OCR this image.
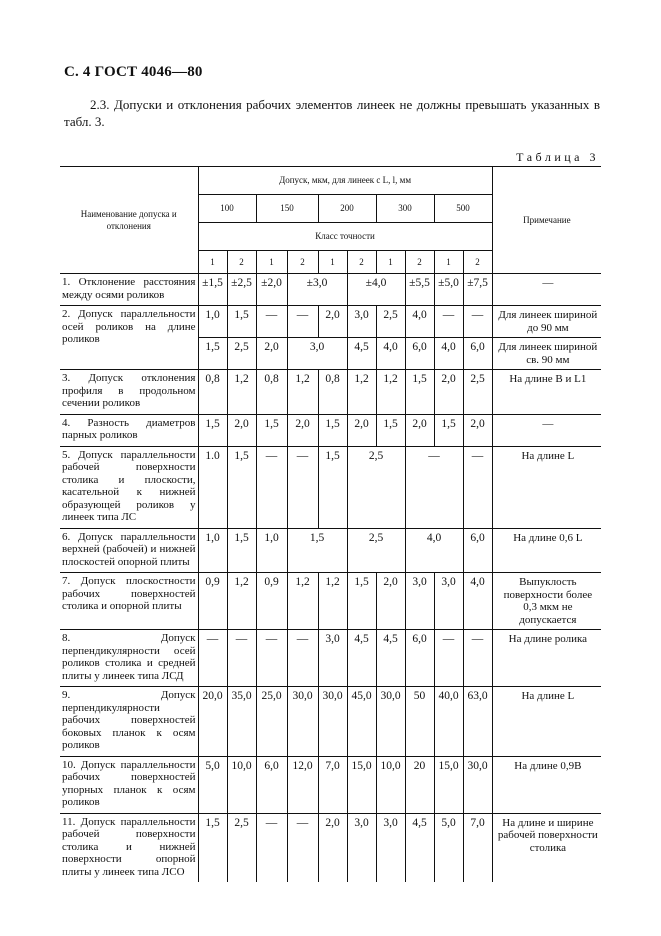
С. 4 ГОСТ 4046—80
2.3. Допуски и отклонения рабочих элементов линеек не должны превышать указанных в табл. 3.
Таблица 3
Наименование допуска и отклонения	Допуск, мкм, для линеек с L, l, мм										Примечание
	100		150		200		300		500		
	Класс точности										
	1	2	1	2	1	2	1	2	1	2	
1. Отклонение расстояния между осями роликов	±1,5	±2,5	±2,0	±3,0		±4,0		±5,5	±5,0	±7,5	—
2. Допуск параллельности осей роликов на длине роликов	1,0	1,5	—	—	2,0	3,0	2,5	4,0	—	—	Для линеек шириной до 90 мм
	1,5	2,5	2,0	3,0		4,5	4,0	6,0	4,0	6,0	Для линеек шириной св. 90 мм
3. Допуск отклонения профиля в продольном сечении роликов	0,8	1,2	0,8	1,2	0,8	1,2	1,2	1,5	2,0	2,5	На длине B и L1
4. Разность диаметров парных роликов	1,5	2,0	1,5	2,0	1,5	2,0	1,5	2,0	1,5	2,0	—
5. Допуск параллельности рабочей поверхности столика и плоскости, касательной к нижней образующей роликов у линеек типа ЛС	1.0	1,5	—	—	1,5	2,5		—		—	На длине L
6. Допуск параллельности верхней (рабочей) и нижней плоскостей опорной плиты	1,0	1,5	1,0	1,5		2,5		4,0		6,0	На длине 0,6 L
7. Допуск плоскостности рабочих поверхностей столика и опорной плиты	0,9	1,2	0,9	1,2	1,2	1,5	2,0	3,0	3,0	4,0	Выпуклость поверхности более 0,3 мкм не допускается
8. Допуск перпендикулярности осей роликов столика и средней плиты у линеек типа ЛСД	—	—	—	—	3,0	4,5	4,5	6,0	—	—	На длине ролика
9. Допуск перпендикулярности рабочих поверхностей боковых планок к осям роликов	20,0	35,0	25,0	30,0	30,0	45,0	30,0	50	40,0	63,0	На длине L
10. Допуск параллельности рабочих поверхностей упорных планок к осям роликов	5,0	10,0	6,0	12,0	7,0	15,0	10,0	20	15,0	30,0	На длине 0,9B
11. Допуск параллельности рабочей поверхности столика и нижней поверхности опорной плиты у линеек типа ЛСО	1,5	2,5	—	—	2,0	3,0	3,0	4,5	5,0	7,0	На длине и ширине рабочей поверхности столика
